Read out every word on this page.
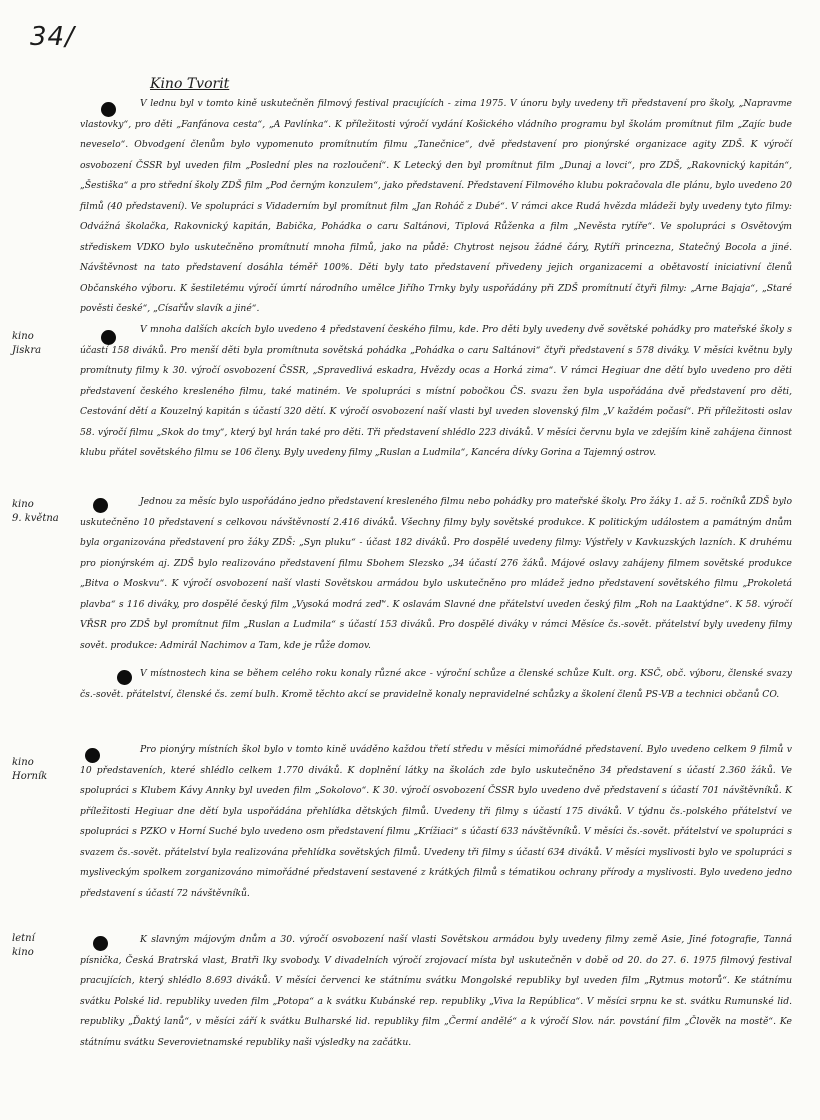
34/
Kino Tvorit
V lednu byl v tomto kině uskutečněn filmový festival pracujících - zima 1975. V únoru byly uvedeny tři představení pro školy, „Napravme vlastovky“, pro děti „Fanfánova cesta“, „A Pavlínka“. K příležitosti výročí vydání Košického vládního programu byl školám promítnut film „Zajíc bude neveselo“. Obvodgení členům bylo vypomenuto promítnutím filmu „Tanečnice“, dvě představení pro pionýrské organizace agity ZDŠ. K výročí osvobození ČSSR byl uveden film „Poslední ples na rozloučení“. K Letecký den byl promítnut film „Dunaj a lovci“, pro ZDŠ, „Rakovnický kapitán“, „Šestiška“ a pro střední školy ZDŠ film „Pod černým konzulem“, jako představení. Představení Filmového klubu pokračovala dle plánu, bylo uvedeno 20 filmů (40 představení). Ve spolupráci s Vidaderním byl promítnut film „Jan Roháč z Dubé“. V rámci akce Rudá hvězda mládeži byly uvedeny tyto filmy: Odvážná školačka, Rakovnický kapitán, Babička, Pohádka o caru Saltánovi, Tiplová Růženka a film „Nevěsta rytíře“. Ve spolupráci s Osvětovým střediskem VDKO bylo uskutečněno promítnutí mnoha filmů, jako na půdě: Chytrost nejsou žádné čáry, Rytíři princezna, Statečný Bocola a jiné. Návštěvnost na tato představení dosáhla téměř 100%. Děti byly tato představení přivedeny jejich organizacemi a obětavostí iniciativní členů Občanského výboru. K šestiletému výročí úmrtí národního umělce Jiřího Trnky byly uspořádány při ZDŠ promítnutí čtyři filmy: „Arne Bajaja“, „Staré pověsti české“, „Císařův slavík a jiné“.
kino
Jiskra
V mnoha dalších akcích bylo uvedeno 4 představení českého filmu, kde. Pro děti byly uvedeny dvě sovětské pohádky pro mateřské školy s účastí 158 diváků. Pro menší děti byla promítnuta sovětská pohádka „Pohádka o caru Saltánovi“ čtyři představení s 578 diváky. V měsíci květnu byly promítnuty filmy k 30. výročí osvobození ČSSR, „Spravedlivá eskadra, Hvězdy ocas a Horká zima“. V rámci Hegiuar dne dětí bylo uvedeno pro děti představení českého kresleného filmu, také matiném. Ve spolupráci s místní pobočkou ČS. svazu žen byla uspořádána dvě představení pro děti, Cestování dětí a Kouzelný kapitán s účastí 320 dětí. K výročí osvobození naší vlasti byl uveden slovenský film „V každém počasí“. Při příležitosti oslav 58. výročí filmu „Skok do tmy“, který byl hrán také pro děti. Tři představení shlédlo 223 diváků. V měsíci červnu byla ve zdejším kině zahájena činnost klubu přátel sovětského filmu se 106 členy. Byly uvedeny filmy „Ruslan a Ludmila“, Kancéra dívky Gorina a Tajemný ostrov.
kino
9. května
Jednou za měsíc bylo uspořádáno jedno představení kresleného filmu nebo pohádky pro mateřské školy. Pro žáky 1. až 5. ročníků ZDŠ bylo uskutečněno 10 představení s celkovou návštěvností 2.416 diváků. Všechny filmy byly sovětské produkce. K politickým událostem a památným dnům byla organizována představení pro žáky ZDŠ: „Syn pluku“ - účast 182 diváků. Pro dospělé uvedeny filmy: Výstřely v Kavkuzských lazních. K druhému pro pionýrském aj. ZDŠ bylo realizováno představení filmu Sbohem Slezsko „34 účastí 276 žáků. Májové oslavy zahájeny filmem sovětské produkce „Bitva o Moskvu“. K výročí osvobození naší vlasti Sovětskou armádou bylo uskutečněno pro mládež jedno představení sovětského filmu „Prokoletá plavba“ s 116 diváky, pro dospělé český film „Vysoká modrá zeď“. K oslavám Slavné dne přátelství uveden český film „Roh na Laaktýdne“. K 58. výročí VŘSR pro ZDŠ byl promítnut film „Ruslan a Ludmila“ s účastí 153 diváků. Pro dospělé diváky v rámci Měsíce čs.-sovět. přátelství byly uvedeny filmy sovět. produkce: Admirál Nachimov a Tam, kde je růže domov.
V místnostech kina se během celého roku konaly různé akce - výroční schůze a členské schůze Kult. org. KSČ, obč. výboru, členské svazy čs.-sovět. přátelství, členské čs. zemí bulh. Kromě těchto akcí se pravidelně konaly nepravidelné schůzky a školení členů PS-VB a technici občanů CO.
kino
Horník
Pro pionýry místních škol bylo v tomto kině uváděno každou třetí středu v měsíci mimořádné představení. Bylo uvedeno celkem 9 filmů v 10 představeních, které shlédlo celkem 1.770 diváků. K doplnění látky na školách zde bylo uskutečněno 34 představení s účastí 2.360 žáků. Ve spolupráci s Klubem Kávy Annky byl uveden film „Sokolovo“. K 30. výročí osvobození ČSSR bylo uvedeno dvě představení s účastí 701 návštěvníků. K příležitosti Hegiuar dne dětí byla uspořádána přehlídka dětských filmů. Uvedeny tři filmy s účastí 175 diváků. V týdnu čs.-polského přátelství ve spolupráci s PZKO v Horní Suché bylo uvedeno osm představení filmu „Krížiaci“ s účastí 633 návštěvníků. V měsíci čs.-sovět. přátelství ve spolupráci s svazem čs.-sovět. přátelství byla realizována přehlídka sovětských filmů. Uvedeny tři filmy s účastí 634 diváků. V měsíci myslivosti bylo ve spolupráci s mysliveckým spolkem zorganizováno mimořádné představení sestavené z krátkých filmů s tématikou ochrany přírody a myslivosti. Bylo uvedeno jedno představení s účastí 72 návštěvníků.
letní
kino
K slavným májovým dnům a 30. výročí osvobození naší vlasti Sovětskou armádou byly uvedeny filmy země Asie, Jiné fotografie, Tanná písnička, Česká Bratrská vlast, Bratři lky svobody. V divadelních výročí zrojovací místa byl uskutečněn v době od 20. do 27. 6. 1975 filmový festival pracujících, který shlédlo 8.693 diváků. V měsíci červenci ke státnímu svátku Mongolské republiky byl uveden film „Rytmus motorů“. Ke státnímu svátku Polské lid. republiky uveden film „Potopa“ a k svátku Kubánské rep. republiky „Viva la República“. V měsíci srpnu ke st. svátku Rumunské lid. republiky „Ďaktý lanů“, v měsíci září k svátku Bulharské lid. republiky film „Čermí andělé“ a k výročí Slov. nár. povstání film „Člověk na mostě“. Ke státnímu svátku Severovietnamské republiky naši výsledky na začátku.
